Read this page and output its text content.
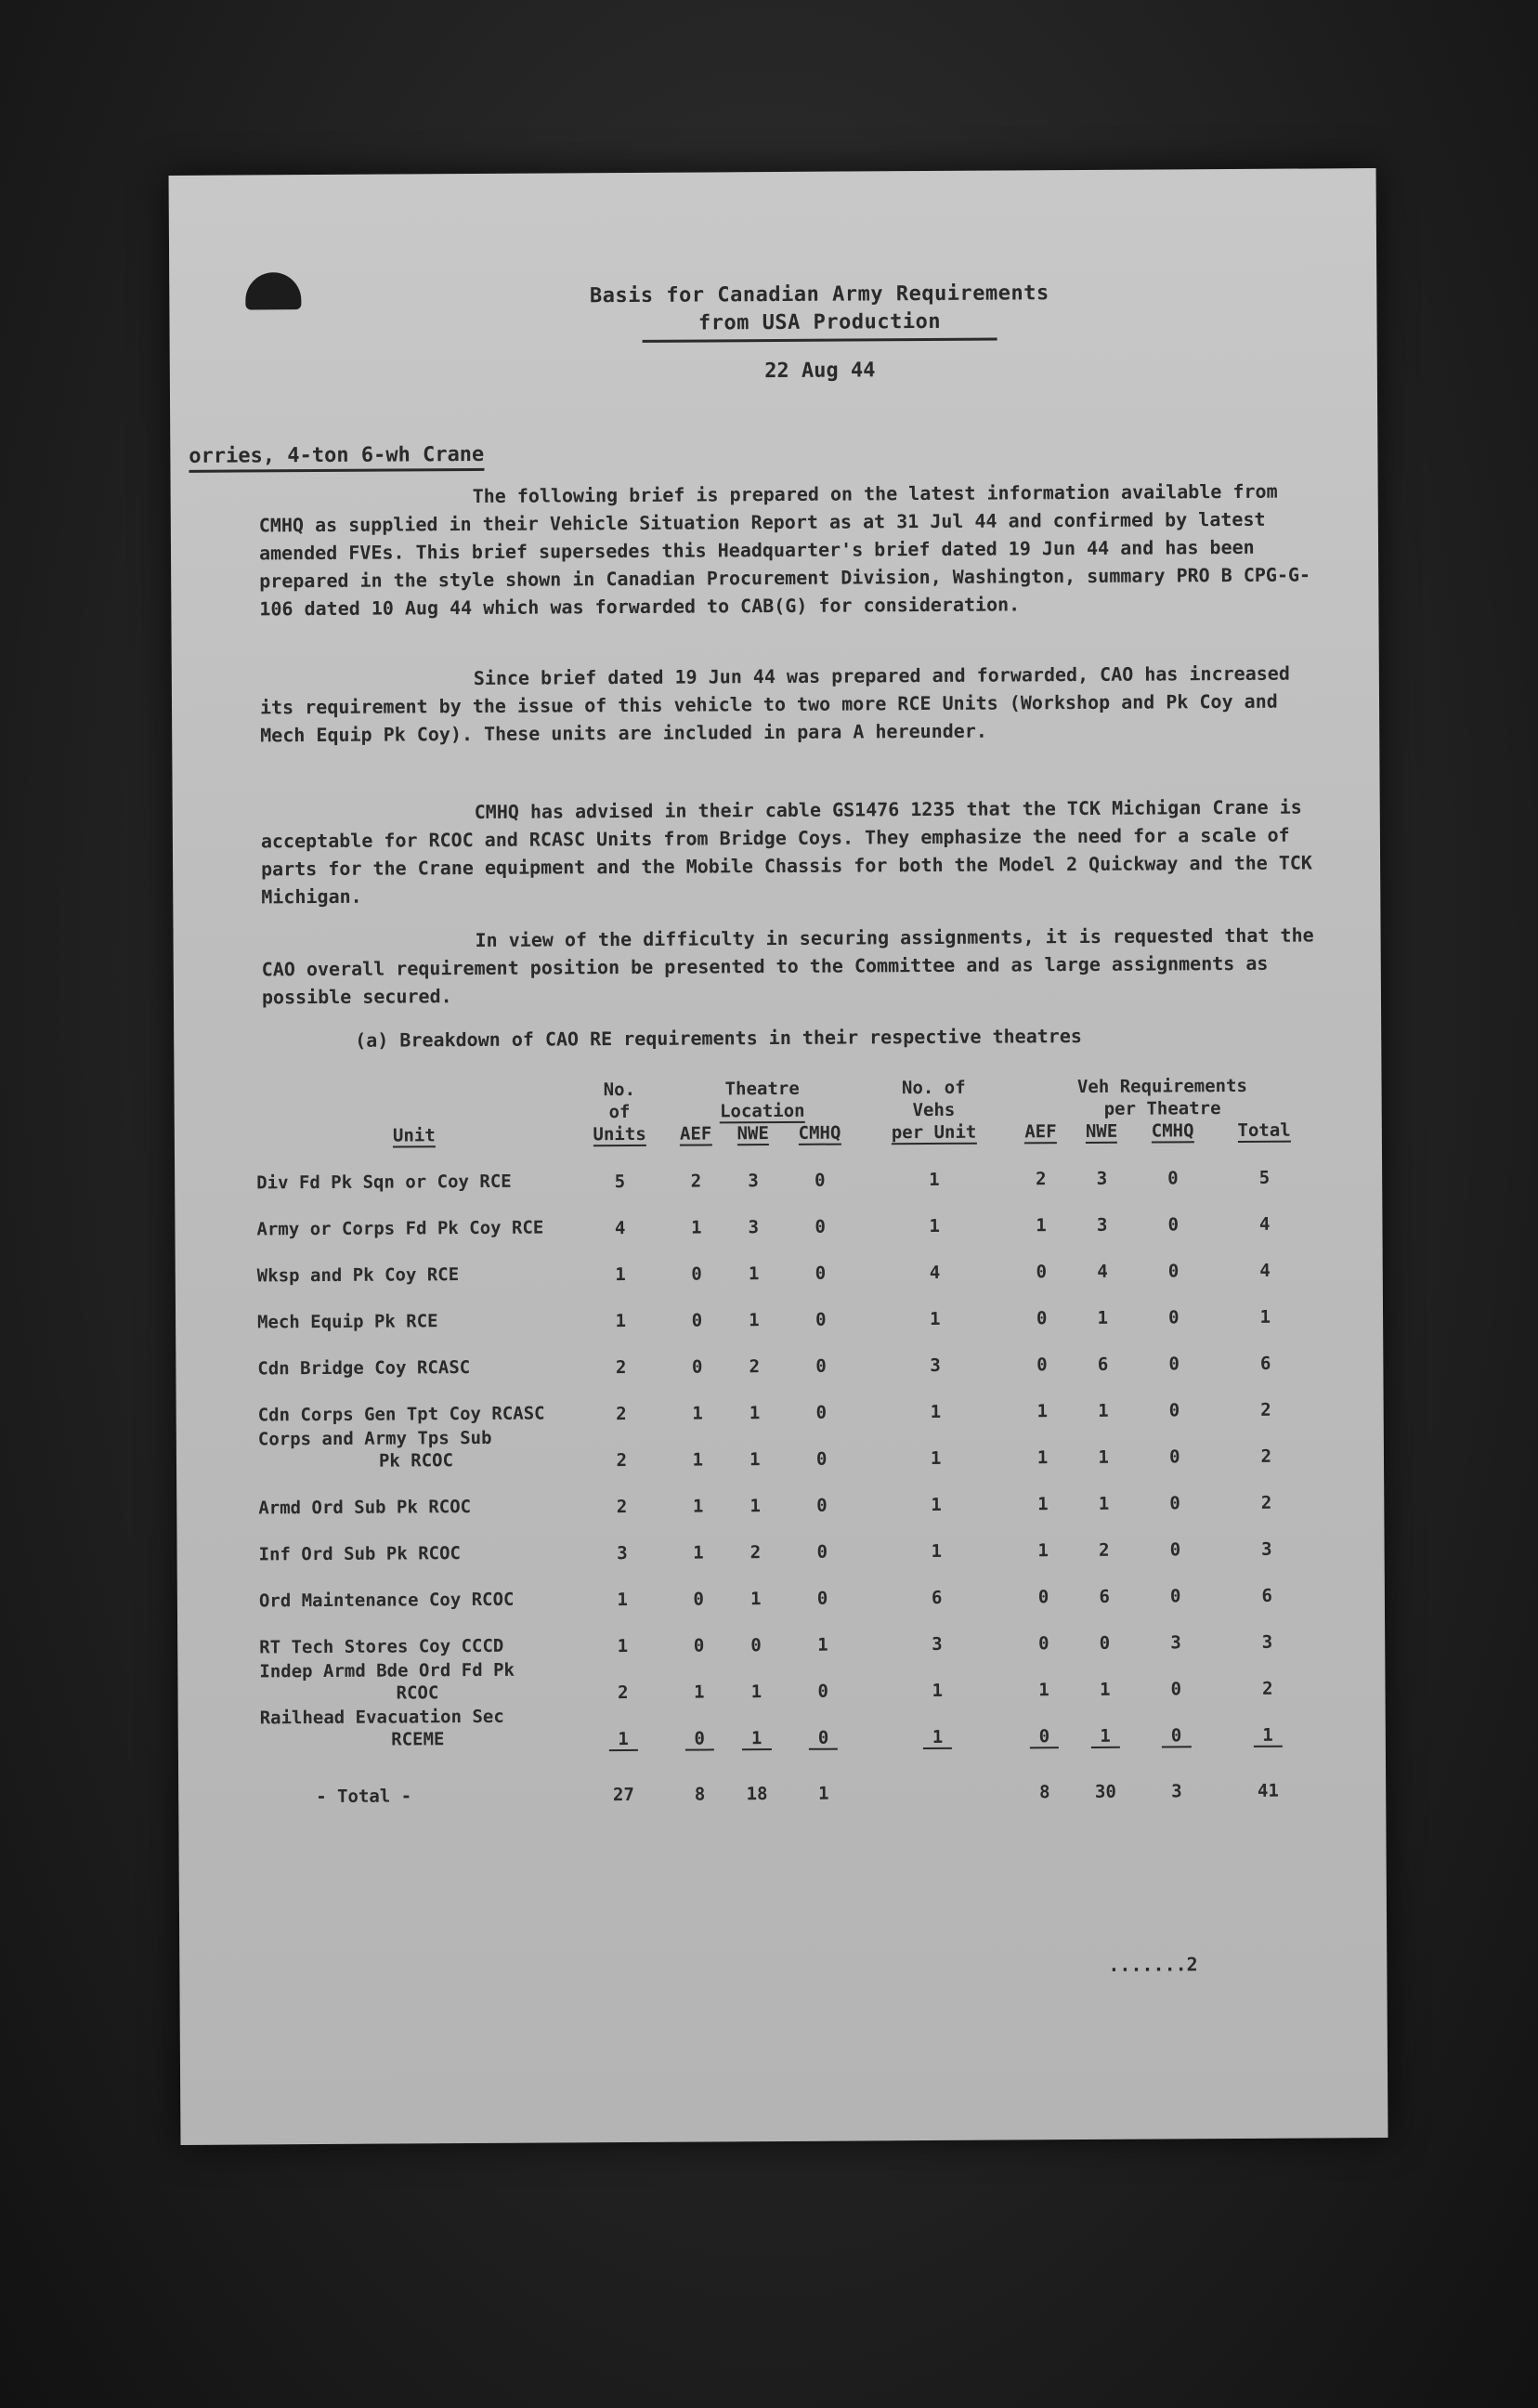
Basis for Canadian Army Requirements
from USA Production
22 Aug 44
orries, 4-ton 6-wh Crane
The following brief is prepared on the latest information available from CMHQ as supplied in their Vehicle Situation Report as at 31 Jul 44 and confirmed by latest amended FVEs. This brief supersedes this Headquarter's brief dated 19 Jun 44 and has been prepared in the style shown in Canadian Procurement Division, Washington, summary PRO B CPG-G-106 dated 10 Aug 44 which was forwarded to CAB(G) for consideration.
Since brief dated 19 Jun 44 was prepared and forwarded, CAO has increased its requirement by the issue of this vehicle to two more RCE Units (Workshop and Pk Coy and Mech Equip Pk Coy). These units are included in para A hereunder.
CMHQ has advised in their cable GS1476 1235 that the TCK Michigan Crane is acceptable for RCOC and RCASC Units from Bridge Coys. They emphasize the need for a scale of parts for the Crane equipment and the Mobile Chassis for both the Model 2 Quickway and the TCK Michigan.
In view of the difficulty in securing assignments, it is requested that the CAO overall requirement position be presented to the Committee and as large assignments as possible secured.
(a) Breakdown of CAO RE requirements in their respective theatres
Unit	No.	Theatre			No. of	Veh Requirements			
	of	Location			Vehs	per Theatre			
	Units	AEF	NWE	CMHQ	per Unit	AEF	NWE	CMHQ	Total
Div Fd Pk Sqn or Coy RCE	5	2	3	0	1	2	3	0	5
Army or Corps Fd Pk Coy RCE	4	1	3	0	1	1	3	0	4
Wksp and Pk Coy RCE	1	0	1	0	4	0	4	0	4
Mech Equip Pk RCE	1	0	1	0	1	0	1	0	1
Cdn Bridge Coy RCASC	2	0	2	0	3	0	6	0	6
Cdn Corps Gen Tpt Coy RCASC	2	1	1	0	1	1	1	0	2
Corps and Army Tps Sub
Pk RCOC	2	1	1	0	1	1	1	0	2
Armd Ord Sub Pk RCOC	2	1	1	0	1	1	1	0	2
Inf Ord Sub Pk RCOC	3	1	2	0	1	1	2	0	3
Ord Maintenance Coy RCOC	1	0	1	0	6	0	6	0	6
RT Tech Stores Coy CCCD	1	0	0	1	3	0	0	3	3
Indep Armd Bde Ord Fd Pk
RCOC	2	1	1	0	1	1	1	0	2
Railhead Evacuation Sec
RCEME	1	0	1	0	1	0	1	0	1
- Total -	27	8	18	1		8	30	3	41
.......2
